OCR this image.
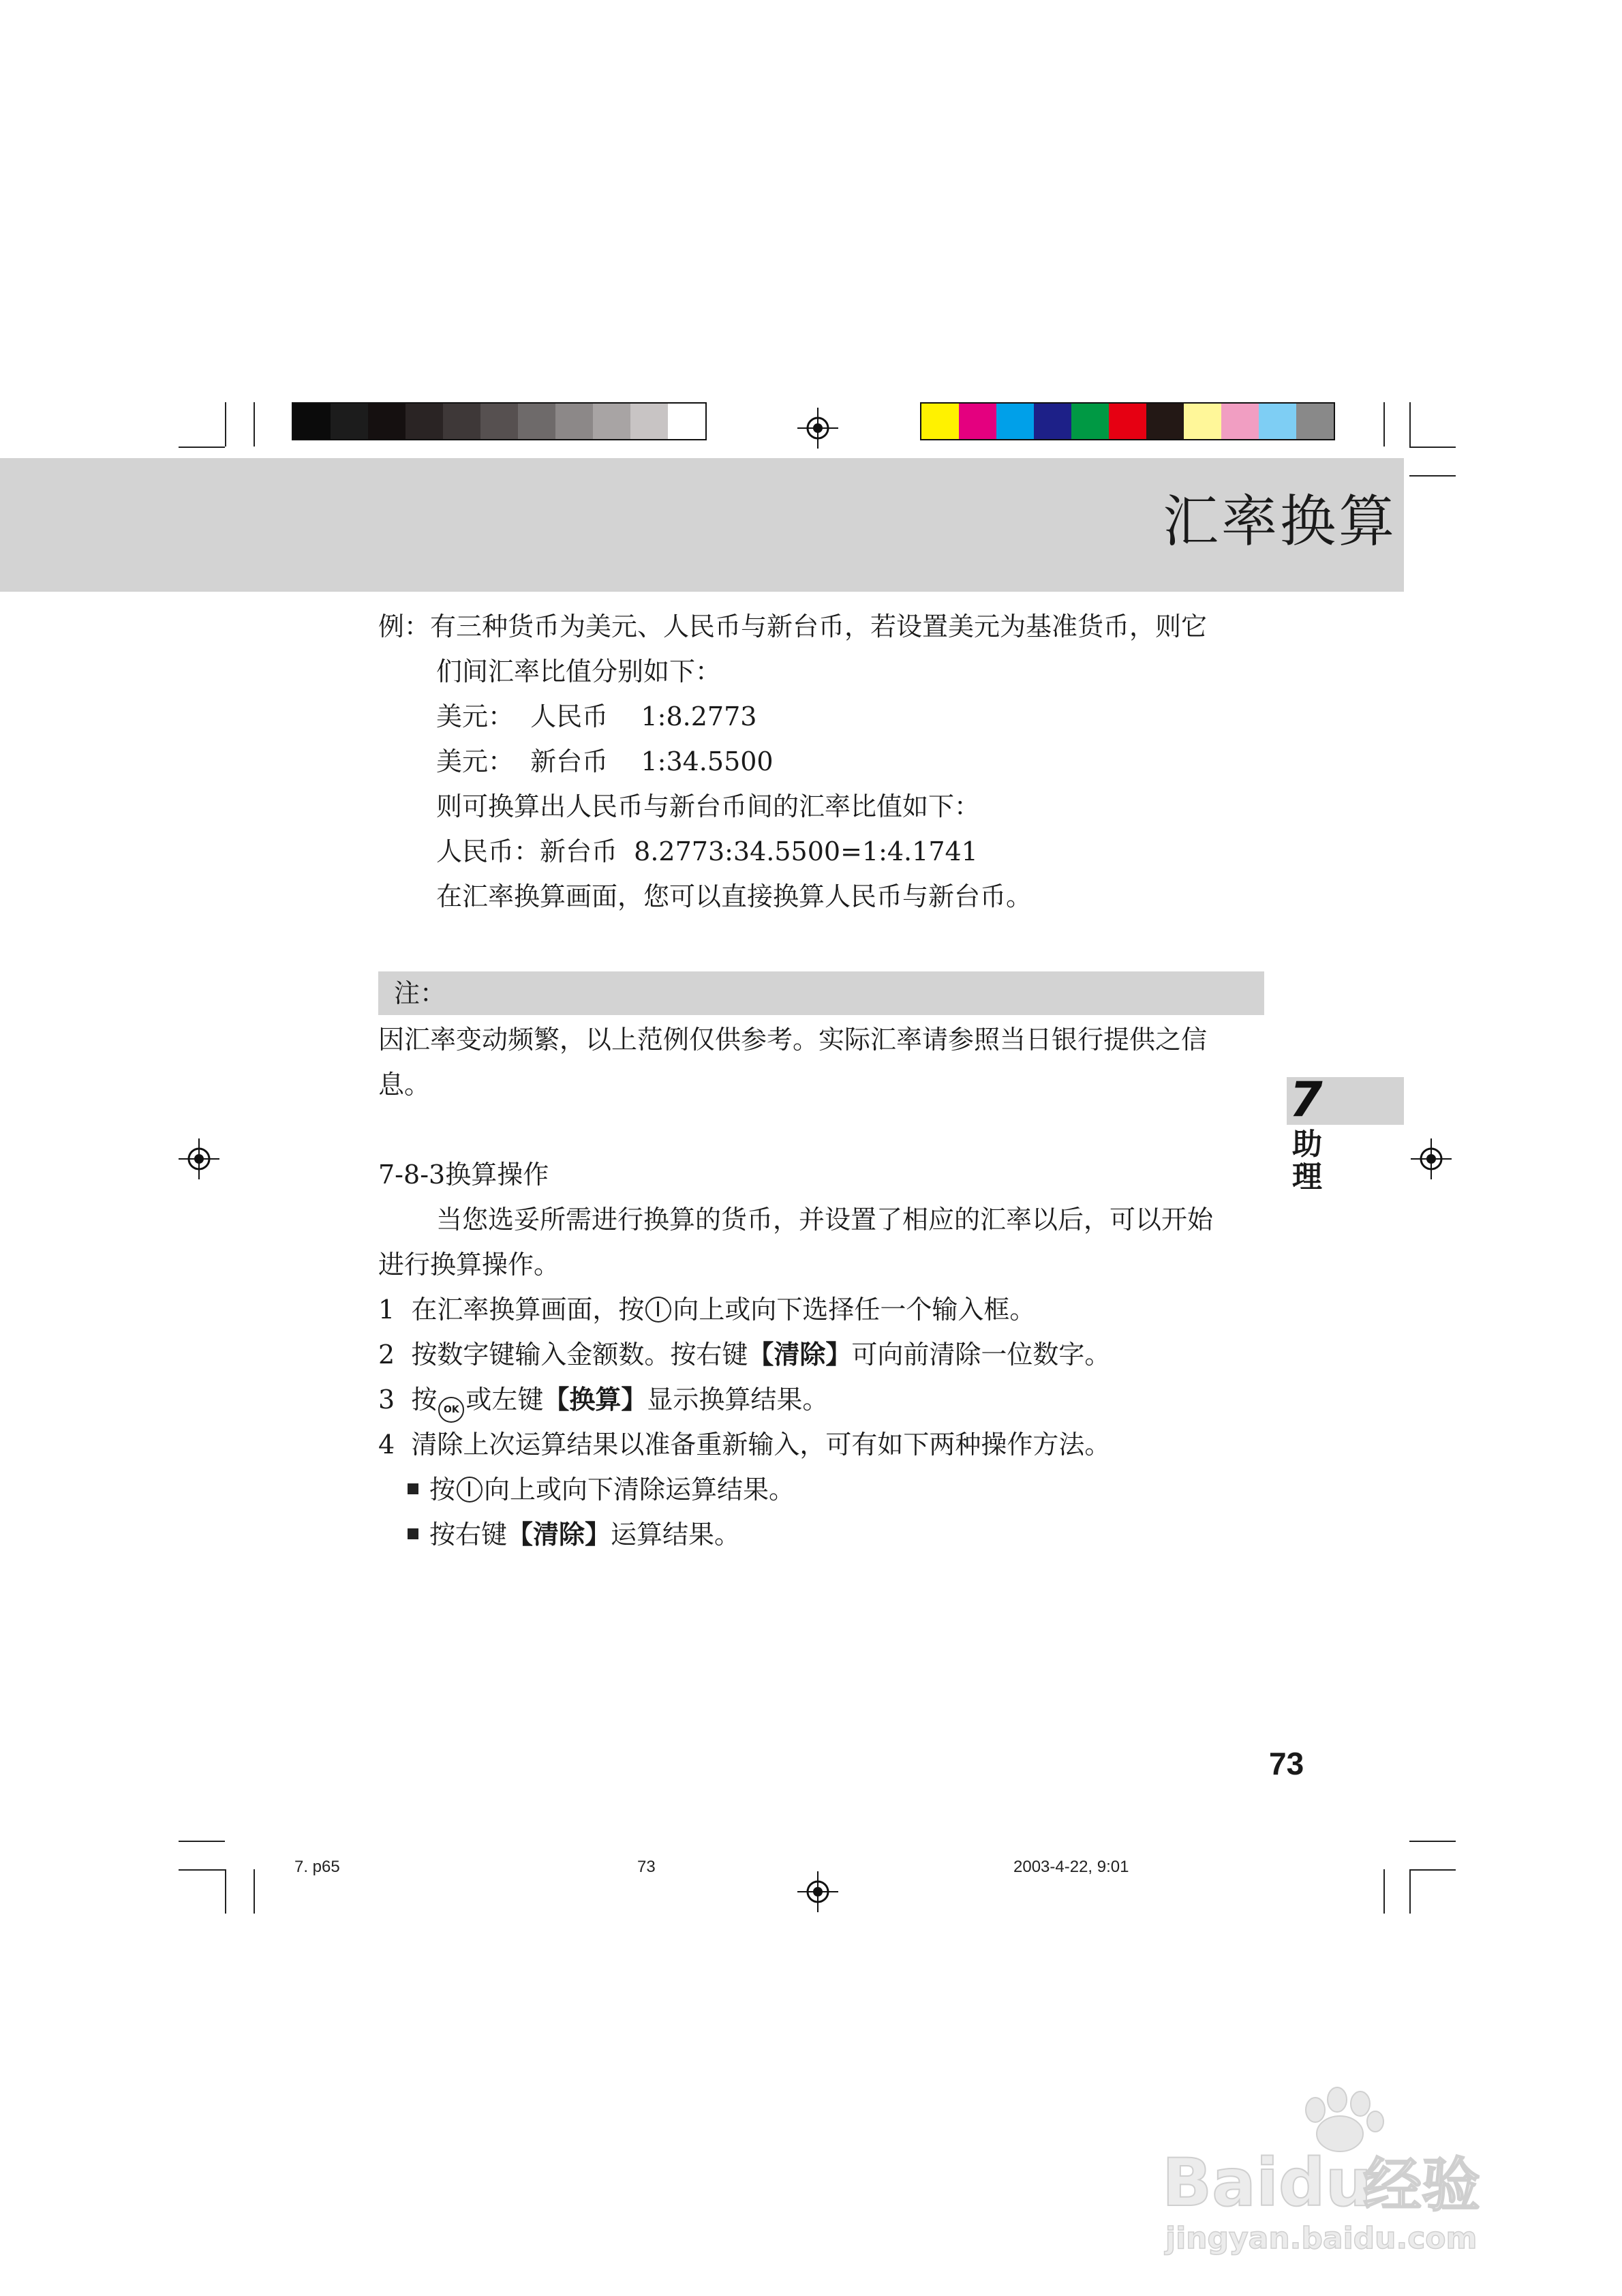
汇率换算
例：有三种货币为美元、人民币与新台币，若设置美元为基准货币，则它
们间汇率比值分别如下：
美元：  人民币    1:8.2773
美元：  新台币    1:34.5500
则可换算出人民币与新台币间的汇率比值如下：
人民币：新台币  8.2773:34.5500=1:4.1741
在汇率换算画面，您可以直接换算人民币与新台币。
注：
因汇率变动频繁，以上范例仅供参考。实际汇率请参照当日银行提供之信
息。	7
助理
7-8-3换算操作
当您选妥所需进行换算的货币，并设置了相应的汇率以后，可以开始
进行换算操作。
1  在汇率换算画面，按 向上或向下选择任一个输入框。
2  按数字键输入金额数。按右键【清除】可向前清除一位数字。
3  按 OK 或左键【换算】显示换算结果。
4  清除上次运算结果以准备重新输入，可有如下两种操作方法。
按 向上或向下清除运算结果。
按右键【清除】运算结果。
73
7. p65	73	2003-4-22, 9:01
Baidu
经验
jingyan.baidu.com
